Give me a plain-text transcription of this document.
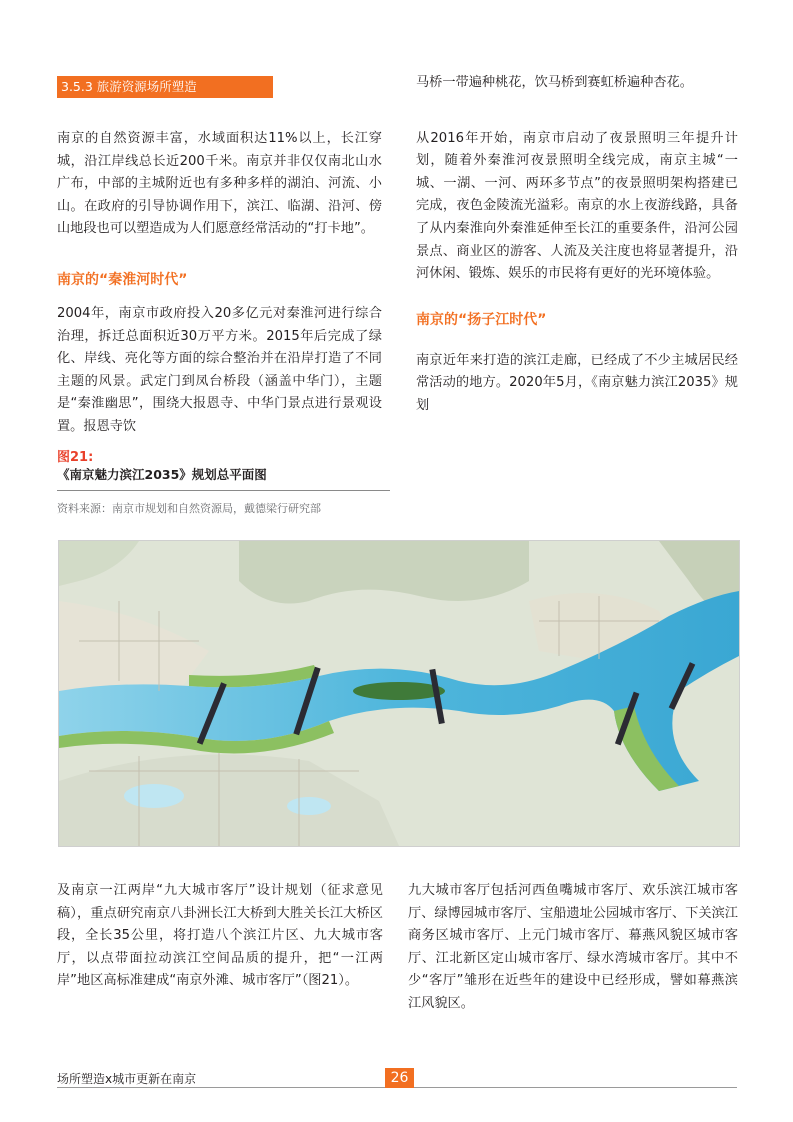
3.5.3 旅游资源场所塑造

南京的自然资源丰富，水域面积达11%以上，长江穿城，沿江岸线总长近200千米。南京并非仅仅南北山水广布，中部的主城附近也有多种多样的湖泊、河流、小山。在政府的引导协调作用下，滨江、临湖、沿河、傍山地段也可以塑造成为人们愿意经常活动的“打卡地”。

南京的“秦淮河时代”

2004年，南京市政府投入20多亿元对秦淮河进行综合治理，拆迁总面积近30万平方米。2015年后完成了绿化、岸线、亮化等方面的综合整治并在沿岸打造了不同主题的风景。武定门到凤台桥段（涵盖中华门），主题是“秦淮幽思”，围绕大报恩寺、中华门景点进行景观设置。报恩寺饮

马桥一带遍种桃花，饮马桥到赛虹桥遍种杏花。

从2016年开始，南京市启动了夜景照明三年提升计划，随着外秦淮河夜景照明全线完成，南京主城“一城、一湖、一河、两环多节点”的夜景照明架构搭建已完成，夜色金陵流光溢彩。南京的水上夜游线路，具备了从内秦淮向外秦淮延伸至长江的重要条件，沿河公园景点、商业区的游客、人流及关注度也将显著提升，沿河休闲、锻炼、娱乐的市民将有更好的光环境体验。

南京的“扬子江时代”

南京近年来打造的滨江走廊，已经成了不少主城居民经常活动的地方。2020年5月，《南京魅力滨江2035》规划

图21:
《南京魅力滨江2035》规划总平面图
资料来源：南京市规划和自然资源局，戴德梁行研究部

及南京一江两岸“九大城市客厅”设计规划（征求意见稿），重点研究南京八卦洲长江大桥到大胜关长江大桥区段，全长35公里，将打造八个滨江片区、九大城市客厅，以点带面拉动滨江空间品质的提升，把“一江两岸”地区高标准建成“南京外滩、城市客厅”（图21）。

九大城市客厅包括河西鱼嘴城市客厅、欢乐滨江城市客厅、绿博园城市客厅、宝船遗址公园城市客厅、下关滨江商务区城市客厅、上元门城市客厅、幕燕风貌区城市客厅、江北新区定山城市客厅、绿水湾城市客厅。其中不少“客厅”雏形在近些年的建设中已经形成，譬如幕燕滨江风貌区。

场所塑造x城市更新在南京	26
